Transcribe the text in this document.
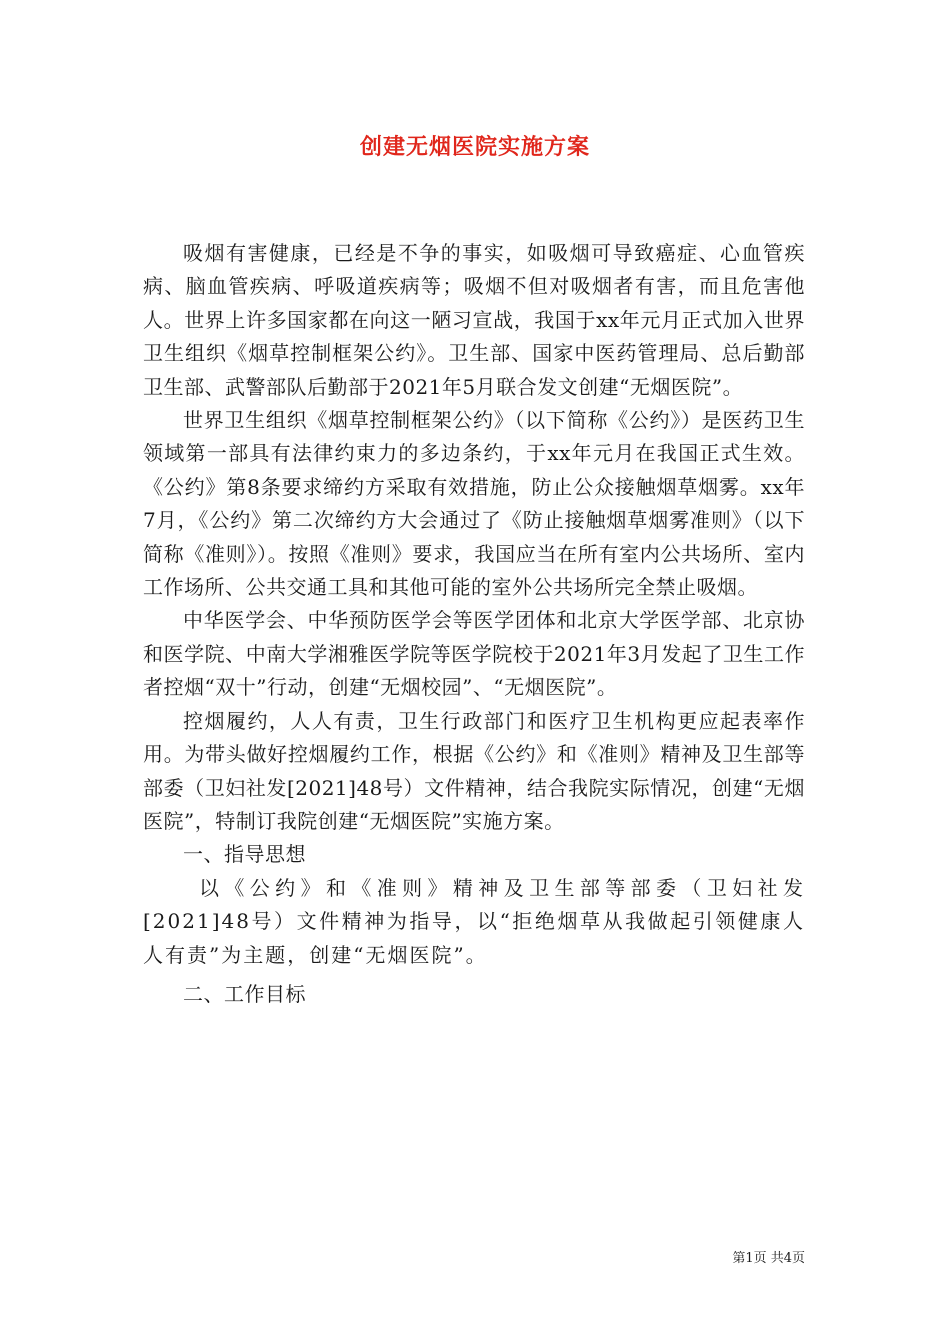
创建无烟医院实施方案

吸烟有害健康，已经是不争的事实，如吸烟可导致癌症、心血管疾病、脑血管疾病、呼吸道疾病等；吸烟不但对吸烟者有害，而且危害他人。世界上许多国家都在向这一陋习宣战，我国于xx年元月正式加入世界卫生组织《烟草控制框架公约》。卫生部、国家中医药管理局、总后勤部卫生部、武警部队后勤部于2021年5月联合发文创建“无烟医院”。

世界卫生组织《烟草控制框架公约》（以下简称《公约》）是医药卫生领域第一部具有法律约束力的多边条约，于xx年元月在我国正式生效。《公约》第8条要求缔约方采取有效措施，防止公众接触烟草烟雾。xx年7月，《公约》第二次缔约方大会通过了《防止接触烟草烟雾准则》（以下简称《准则》）。按照《准则》要求，我国应当在所有室内公共场所、室内工作场所、公共交通工具和其他可能的室外公共场所完全禁止吸烟。

中华医学会、中华预防医学会等医学团体和北京大学医学部、北京协和医学院、中南大学湘雅医学院等医学院校于2021年3月发起了卫生工作者控烟“双十”行动，创建“无烟校园”、“无烟医院”。

控烟履约，人人有责，卫生行政部门和医疗卫生机构更应起表率作用。为带头做好控烟履约工作，根据《公约》和《准则》精神及卫生部等部委（卫妇社发[2021]48号）文件精神，结合我院实际情况，创建“无烟医院”，特制订我院创建“无烟医院”实施方案。

一、指导思想

以《公约》和《准则》精神及卫生部等部委（卫妇社发[2021]48号）文件精神为指导，以“拒绝烟草从我做起引领健康人人有责”为主题，创建“无烟医院”。

二、工作目标

第1页 共4页
